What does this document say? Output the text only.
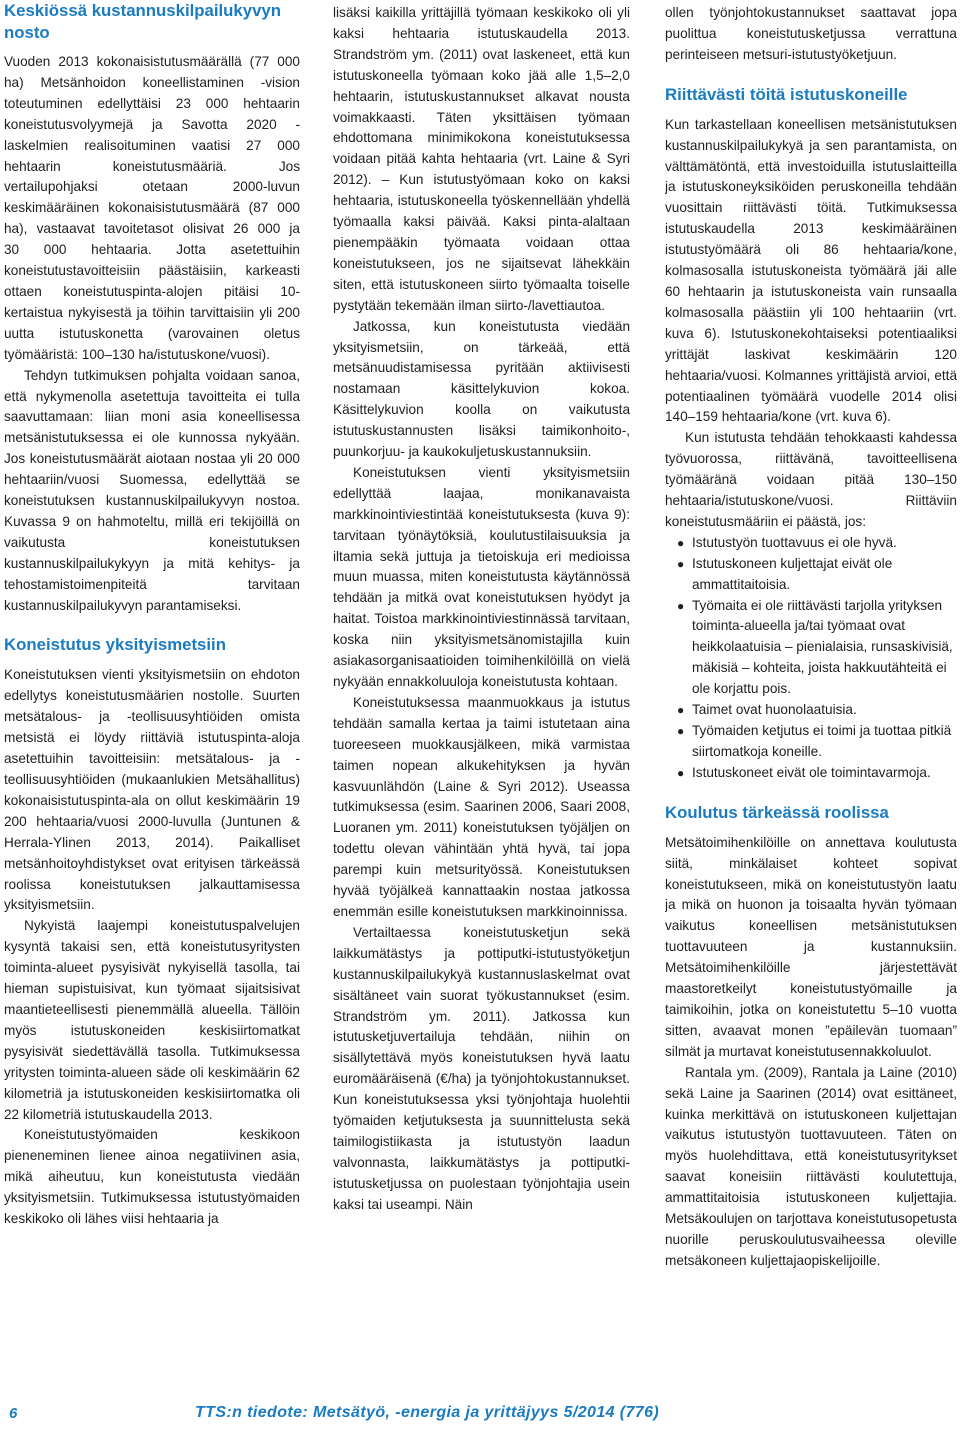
Keskiössä kustannuskilpailukyvyn nosto

Vuoden 2013 kokonaisistutusmäärällä (77 000 ha) Metsänhoidon koneellistaminen -vision toteutuminen edellyttäisi 23 000 hehtaarin koneistutusvolyymejä ja Savotta 2020 -laskelmien realisoituminen vaatisi 27 000 hehtaarin koneistutusmääriä. Jos vertailupohjaksi otetaan 2000-luvun keskimääräinen kokonaisistutusmäärä (87 000 ha), vastaavat tavoitetasot olisivat 26 000 ja 30 000 hehtaaria. Jotta asetettuihin koneistutustavoitteisiin päästäisiin, karkeasti ottaen koneistutuspinta-alojen pitäisi 10-kertaistua nykyisestä ja töihin tarvittaisiin yli 200 uutta istutuskonetta (varovainen oletus työmääristä: 100–130 ha/istutuskone/vuosi).

Tehdyn tutkimuksen pohjalta voidaan sanoa, että nykymenolla asetettuja tavoitteita ei tulla saavuttamaan: liian moni asia koneellisessa metsänistutuksessa ei ole kunnossa nykyään. Jos koneistutusmäärät aiotaan nostaa yli 20 000 hehtaariin/vuosi Suomessa, edellyttää se koneistutuksen kustannuskilpailukyvyn nostoa. Kuvassa 9 on hahmoteltu, millä eri tekijöillä on vaikutusta koneistutuksen kustannuskilpailukykyyn ja mitä kehitys- ja tehostamistoimenpiteitä tarvitaan kustannuskilpailukyvyn parantamiseksi.

Koneistutus yksityismetsiin

Koneistutuksen vienti yksityismetsiin on ehdoton edellytys koneistutusmäärien nostolle. Suurten metsätalous- ja -teollisuusyhtiöiden omista metsistä ei löydy riittäviä istutuspinta-aloja asetettuihin tavoitteisiin: metsätalous- ja -teollisuusyhtiöiden (mukaanlukien Metsähallitus) kokonaisistutuspinta-ala on ollut keskimäärin 19 200 hehtaaria/vuosi 2000-luvulla (Juntunen & Herrala-Ylinen 2013, 2014). Paikalliset metsänhoitoyhdistykset ovat erityisen tärkeässä roolissa koneistutuksen jalkauttamisessa yksityismetsiin.

Nykyistä laajempi koneistutuspalvelujen kysyntä takaisi sen, että koneistutusyritysten toiminta-alueet pysyisivät nykyisellä tasolla, tai hieman supistuisivat, kun työmaat sijaitsisivat maantieteellisesti pienemmällä alueella. Tällöin myös istutuskoneiden keskisiirtomatkat pysyisivät siedettävällä tasolla. Tutkimuksessa yritysten toiminta-alueen säde oli keskimäärin 62 kilometriä ja istutuskoneiden keskisiirtomatka oli 22 kilometriä istutuskaudella 2013.

Koneistutustyömaiden keskikoon pieneneminen lienee ainoa negatiivinen asia, mikä aiheutuu, kun koneistutusta viedään yksityismetsiin. Tutkimuksessa istutustyömaiden keskikoko oli lähes viisi hehtaaria ja

lisäksi kaikilla yrittäjillä työmaan keskikoko oli yli kaksi hehtaaria istutuskaudella 2013. Strandström ym. (2011) ovat laskeneet, että kun istutuskoneella työmaan koko jää alle 1,5–2,0 hehtaarin, istutuskustannukset alkavat nousta voimakkaasti. Täten yksittäisen työmaan ehdottomana minimikokona koneistutuksessa voidaan pitää kahta hehtaaria (vrt. Laine & Syri 2012). – Kun istutustyömaan koko on kaksi hehtaaria, istutuskoneella työskennellään yhdellä työmaalla kaksi päivää. Kaksi pinta-alaltaan pienempääkin työmaata voidaan ottaa koneistutukseen, jos ne sijaitsevat lähekkäin siten, että istutuskoneen siirto työmaalta toiselle pystytään tekemään ilman siirto-/lavettiautoa.

Jatkossa, kun koneistutusta viedään yksityismetsiin, on tärkeää, että metsänuudistamisessa pyritään aktiivisesti nostamaan käsittelykuvion kokoa. Käsittelykuvion koolla on vaikutusta istutuskustannusten lisäksi taimikonhoito-, puunkorjuu- ja kaukokuljetuskustannuksiin.

Koneistutuksen vienti yksityismetsiin edellyttää laajaa, monikanavaista markkinointiviestintää koneistutuksesta (kuva 9): tarvitaan työnäytöksiä, koulutustilaisuuksia ja iltamia sekä juttuja ja tietoiskuja eri medioissa muun muassa, miten koneistutusta käytännössä tehdään ja mitkä ovat koneistutuksen hyödyt ja haitat. Toistoa markkinointiviestinnässä tarvitaan, koska niin yksityismetsänomistajilla kuin asiakasorganisaatioiden toimihenkilöillä on vielä nykyään ennakkoluuloja koneistutusta kohtaan.

Koneistutuksessa maanmuokkaus ja istutus tehdään samalla kertaa ja taimi istutetaan aina tuoreeseen muokkausjälkeen, mikä varmistaa taimen nopean alkukehityksen ja hyvän kasvuunlähdön (Laine & Syri 2012). Useassa tutkimuksessa (esim. Saarinen 2006, Saari 2008, Luoranen ym. 2011) koneistutuksen työjäljen on todettu olevan vähintään yhtä hyvä, tai jopa parempi kuin metsurityössä. Koneistutuksen hyvää työjälkeä kannattaakin nostaa jatkossa enemmän esille koneistutuksen markkinoinnissa.

Vertailtaessa koneistutusketjun sekä laikkumätästys ja pottiputki-istutustyöketjun kustannuskilpailukykyä kustannuslaskelmat ovat sisältäneet vain suorat työkustannukset (esim. Strandström ym. 2011). Jatkossa kun istutusketjuvertailuja tehdään, niihin on sisällytettävä myös koneistutuksen hyvä laatu euromääräisenä (€/ha) ja työnjohtokustannukset. Kun koneistutuksessa yksi työnjohtaja huolehtii työmaiden ketjutuksesta ja suunnittelusta sekä taimilogistiikasta ja istutustyön laadun valvonnasta, laikkumätästys ja pottiputki-istutusketjussa on puolestaan työnjohtajia usein kaksi tai useampi. Näin

ollen työnjohtokustannukset saattavat jopa puolittua koneistutusketjussa verrattuna perinteiseen metsuri-istutustyöketjuun.

Riittävästi töitä istutuskoneille

Kun tarkastellaan koneellisen metsänistutuksen kustannuskilpailukykyä ja sen parantamista, on välttämätöntä, että investoiduilla istutuslaitteilla ja istutuskoneyksiköiden peruskoneilla tehdään vuosittain riittävästi töitä. Tutkimuksessa istutuskaudella 2013 keskimääräinen istutustyömäärä oli 86 hehtaaria/kone, kolmasosalla istutuskoneista työmäärä jäi alle 60 hehtaarin ja istutuskoneista vain runsaalla kolmasosalla päästiin yli 100 hehtaariin (vrt. kuva 6). Istutuskonekohtaiseksi potentiaaliksi yrittäjät laskivat keskimäärin 120 hehtaaria/vuosi. Kolmannes yrittäjistä arvioi, että potentiaalinen työmäärä vuodelle 2014 olisi 140–159 hehtaaria/kone (vrt. kuva 6).

Kun istutusta tehdään tehokkaasti kahdessa työvuorossa, riittävänä, tavoitteellisena työmääränä voidaan pitää 130–150 hehtaaria/istutuskone/vuosi. Riittäviin koneistutusmääriin ei päästä, jos:

● Istutustyön tuottavuus ei ole hyvä.
● Istutuskoneen kuljettajat eivät ole ammattitaitoisia.
● Työmaita ei ole riittävästi tarjolla yrityksen toiminta-alueella ja/tai työmaat ovat heikkolaatuisia – pienialaisia, runsaskivisiä, mäkisiä – kohteita, joista hakkuutähteitä ei ole korjattu pois.
● Taimet ovat huonolaatuisia.
● Työmaiden ketjutus ei toimi ja tuottaa pitkiä siirtomatkoja koneille.
● Istutuskoneet eivät ole toimintavarmoja.
Koulutus tärkeässä roolissa

Metsätoimihenkilöille on annettava koulutusta siitä, minkälaiset kohteet sopivat koneistutukseen, mikä on koneistutustyön laatu ja mikä on huonon ja toisaalta hyvän työmaan vaikutus koneellisen metsänistutuksen tuottavuuteen ja kustannuksiin. Metsätoimihenkilöille järjestettävät maastoretkeilyt koneistutustyömaille ja taimikoihin, jotka on koneistutettu 5–10 vuotta sitten, avaavat monen ”epäilevän tuomaan” silmät ja murtavat koneistutusennakkoluulot.

Rantala ym. (2009), Rantala ja Laine (2010) sekä Laine ja Saarinen (2014) ovat esittäneet, kuinka merkittävä on istutuskoneen kuljettajan vaikutus istutustyön tuottavuuteen. Täten on myös huolehdittava, että koneistutusyritykset saavat koneisiin riittävästi koulutettuja, ammattitaitoisia istutuskoneen kuljettajia. Metsäkoulujen on tarjottava koneistutusopetusta nuorille peruskoulutusvaiheessa oleville metsäkoneen kuljettajaopiskelijoille.

6	TTS:n tiedote: Metsätyö, -energia ja yrittäjyys 5/2014 (776)
